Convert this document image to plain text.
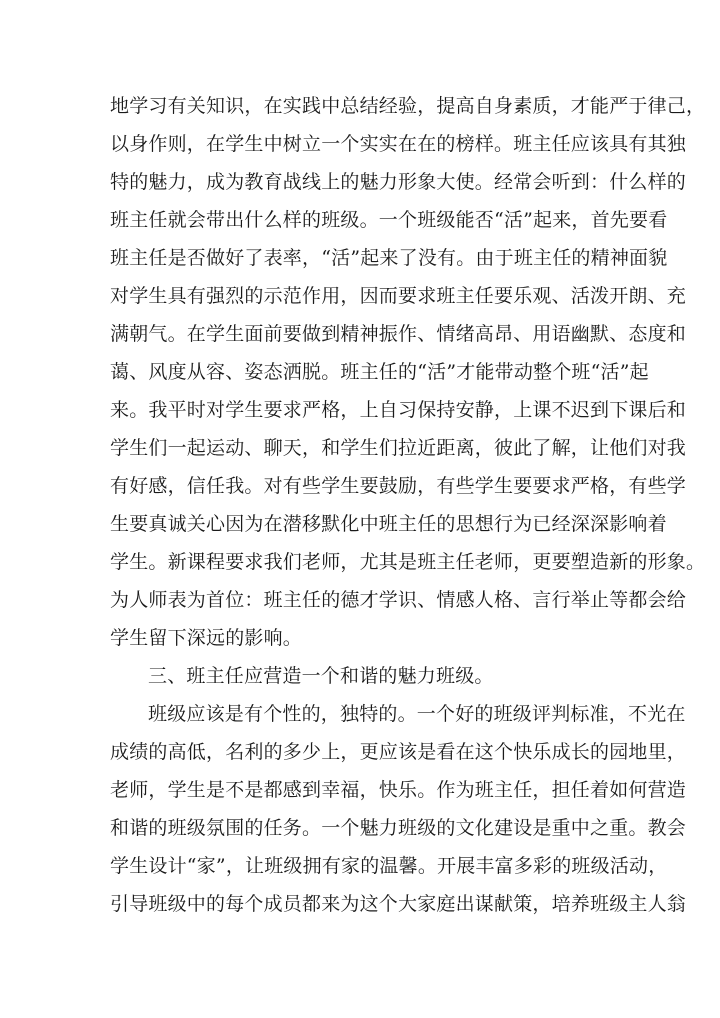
地学习有关知识，在实践中总结经验，提高自身素质，才能严于律己，
以身作则，在学生中树立一个实实在在的榜样。班主任应该具有其独
特的魅力，成为教育战线上的魅力形象大使。经常会听到：什么样的
班主任就会带出什么样的班级。一个班级能否“活”起来，首先要看
班主任是否做好了表率，“活”起来了没有。由于班主任的精神面貌
对学生具有强烈的示范作用，因而要求班主任要乐观、活泼开朗、充
满朝气。在学生面前要做到精神振作、情绪高昂、用语幽默、态度和
蔼、风度从容、姿态洒脱。班主任的“活”才能带动整个班“活”起
来。我平时对学生要求严格，上自习保持安静，上课不迟到下课后和
学生们一起运动、聊天，和学生们拉近距离，彼此了解，让他们对我
有好感，信任我。对有些学生要鼓励，有些学生要要求严格，有些学
生要真诚关心因为在潜移默化中班主任的思想行为已经深深影响着
学生。新课程要求我们老师，尤其是班主任老师，更要塑造新的形象。
为人师表为首位：班主任的德才学识、情感人格、言行举止等都会给
学生留下深远的影响。
三、班主任应营造一个和谐的魅力班级。
班级应该是有个性的，独特的。一个好的班级评判标准，不光在
成绩的高低，名利的多少上，更应该是看在这个快乐成长的园地里，
老师，学生是不是都感到幸福，快乐。作为班主任，担任着如何营造
和谐的班级氛围的任务。一个魅力班级的文化建设是重中之重。教会
学生设计“家”，让班级拥有家的温馨。开展丰富多彩的班级活动，
引导班级中的每个成员都来为这个大家庭出谋献策，培养班级主人翁
